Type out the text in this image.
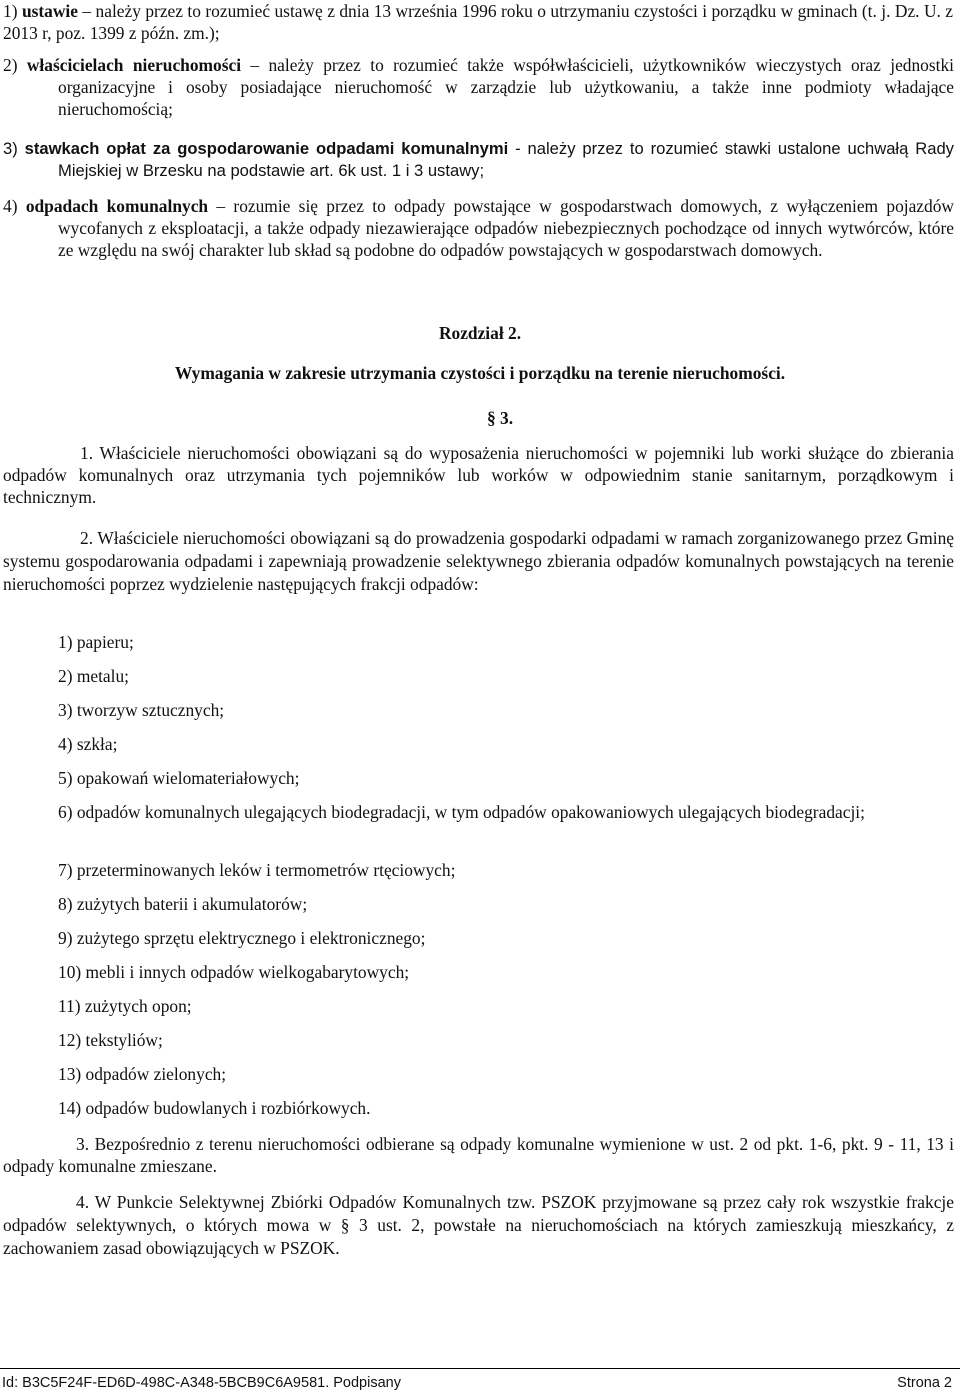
1) ustawie – należy przez to rozumieć ustawę z dnia 13 września 1996 roku o utrzymaniu czystości i porządku w gminach (t. j. Dz. U. z 2013 r, poz. 1399 z późn. zm.);
2) właścicielach nieruchomości – należy przez to rozumieć także współwłaścicieli, użytkowników wieczystych oraz jednostki organizacyjne i osoby posiadające nieruchomość w zarządzie lub użytkowaniu, a także inne podmioty władające nieruchomością;
3) stawkach opłat za gospodarowanie odpadami komunalnymi - należy przez to rozumieć stawki ustalone uchwałą Rady Miejskiej w Brzesku na podstawie art. 6k ust. 1 i 3 ustawy;
4) odpadach komunalnych – rozumie się przez to odpady powstające w gospodarstwach domowych, z wyłączeniem pojazdów wycofanych z eksploatacji, a także odpady niezawierające odpadów niebezpiecznych pochodzące od innych wytwórców, które ze względu na swój charakter lub skład są podobne do odpadów powstających w gospodarstwach domowych.
Rozdział 2.
Wymagania w zakresie utrzymania czystości i porządku na terenie nieruchomości.
§ 3.
1. Właściciele nieruchomości obowiązani są do wyposażenia nieruchomości w pojemniki lub worki służące do zbierania odpadów komunalnych oraz utrzymania tych pojemników lub worków w odpowiednim stanie sanitarnym, porządkowym i technicznym.
2. Właściciele nieruchomości obowiązani są do prowadzenia gospodarki odpadami w ramach zorganizowanego przez Gminę systemu gospodarowania odpadami i zapewniają prowadzenie selektywnego zbierania odpadów komunalnych powstających na terenie nieruchomości poprzez wydzielenie następujących frakcji odpadów:
1) papieru;
2) metalu;
3) tworzyw sztucznych;
4) szkła;
5) opakowań wielomateriałowych;
6) odpadów komunalnych ulegających biodegradacji, w tym odpadów opakowaniowych ulegających biodegradacji;
7) przeterminowanych leków i termometrów rtęciowych;
8) zużytych baterii i akumulatorów;
9) zużytego sprzętu elektrycznego i elektronicznego;
10) mebli i innych odpadów wielkogabarytowych;
11) zużytych opon;
12) tekstyliów;
13) odpadów zielonych;
14) odpadów budowlanych i rozbiórkowych.
3. Bezpośrednio z terenu nieruchomości odbierane są odpady komunalne wymienione w ust. 2 od pkt. 1-6, pkt. 9 - 11, 13 i odpady komunalne zmieszane.
4. W Punkcie Selektywnej Zbiórki Odpadów Komunalnych tzw. PSZOK przyjmowane są przez cały rok wszystkie frakcje odpadów selektywnych, o których mowa w § 3 ust. 2, powstałe na nieruchomościach na których zamieszkują mieszkańcy, z zachowaniem zasad obowiązujących w PSZOK.
Id: B3C5F24F-ED6D-498C-A348-5BCB9C6A9581. Podpisany	Strona 2
